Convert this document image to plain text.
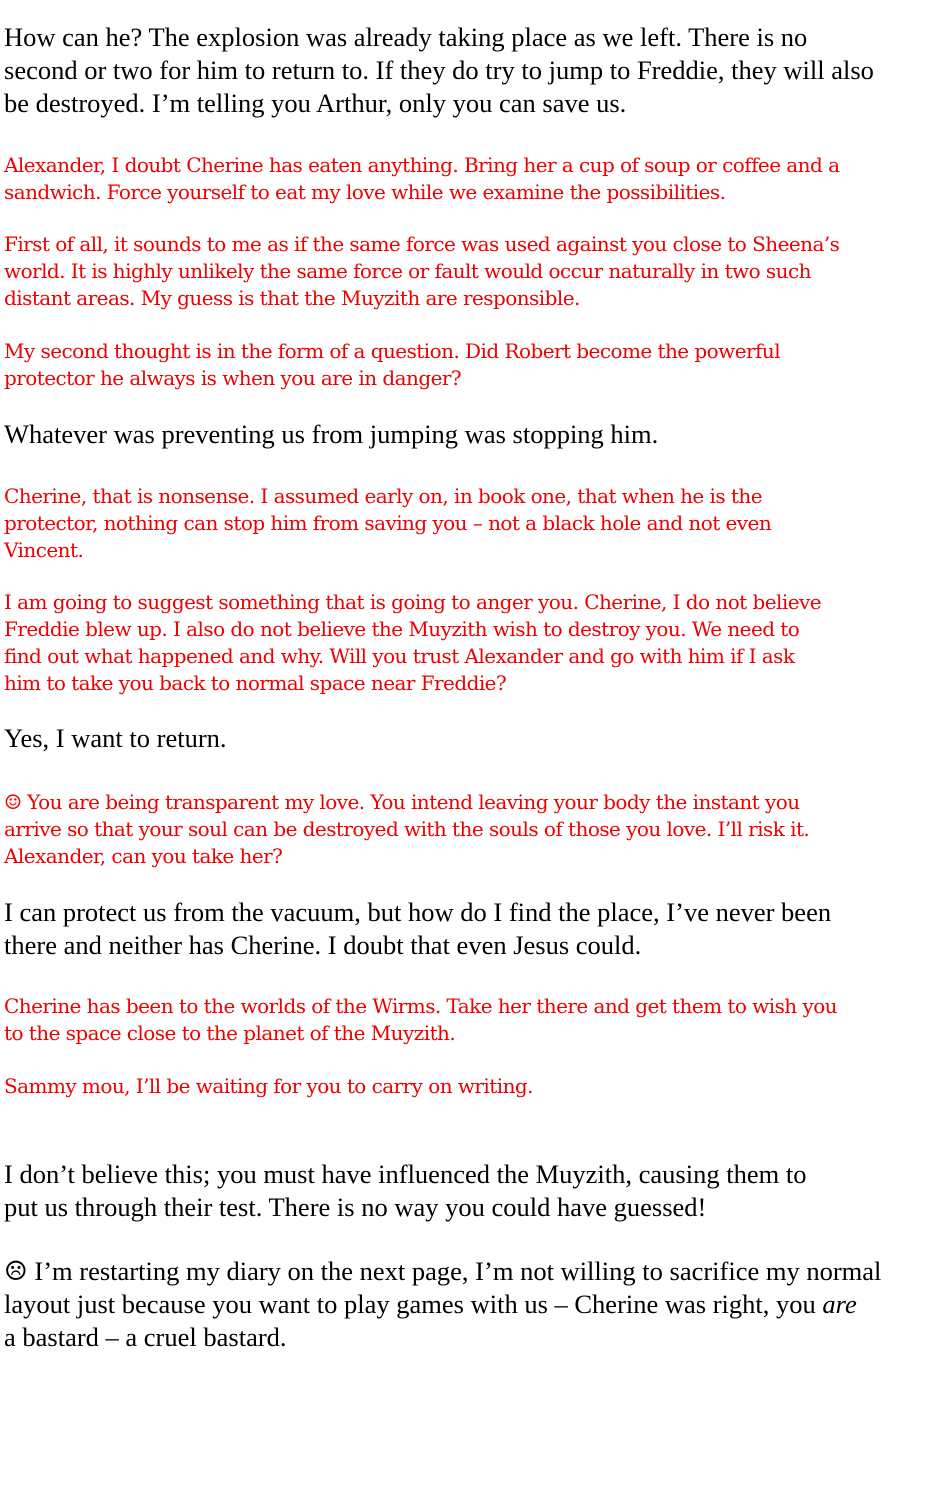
How can he? The explosion was already taking place as we left. There is no
second or two for him to return to. If they do try to jump to Freddie, they will also
be destroyed. I’m telling you Arthur, only you can save us.

Alexander, I doubt Cherine has eaten anything. Bring her a cup of soup or coffee and a
sandwich. Force yourself to eat my love while we examine the possibilities.

First of all, it sounds to me as if the same force was used against you close to Sheena’s
world. It is highly unlikely the same force or fault would occur naturally in two such
distant areas. My guess is that the Muyzith are responsible.

My second thought is in the form of a question. Did Robert become the powerful
protector he always is when you are in danger?

Whatever was preventing us from jumping was stopping him.

Cherine, that is nonsense. I assumed early on, in book one, that when he is the
protector, nothing can stop him from saving you – not a black hole and not even
Vincent.

I am going to suggest something that is going to anger you. Cherine, I do not believe
Freddie blew up. I also do not believe the Muyzith wish to destroy you. We need to
find out what happened and why. Will you trust Alexander and go with him if I ask
him to take you back to normal space near Freddie?

Yes, I want to return.

☺ You are being transparent my love. You intend leaving your body the instant you
arrive so that your soul can be destroyed with the souls of those you love. I’ll risk it.
Alexander, can you take her?

I can protect us from the vacuum, but how do I find the place, I’ve never been
there and neither has Cherine. I doubt that even Jesus could.

Cherine has been to the worlds of the Wirms. Take her there and get them to wish you
to the space close to the planet of the Muyzith.

Sammy mou, I’ll be waiting for you to carry on writing.

I don’t believe this; you must have influenced the Muyzith, causing them to
put us through their test. There is no way you could have guessed!

☹ I’m restarting my diary on the next page, I’m not willing to sacrifice my normal
layout just because you want to play games with us – Cherine was right, you are
a bastard – a cruel bastard.
